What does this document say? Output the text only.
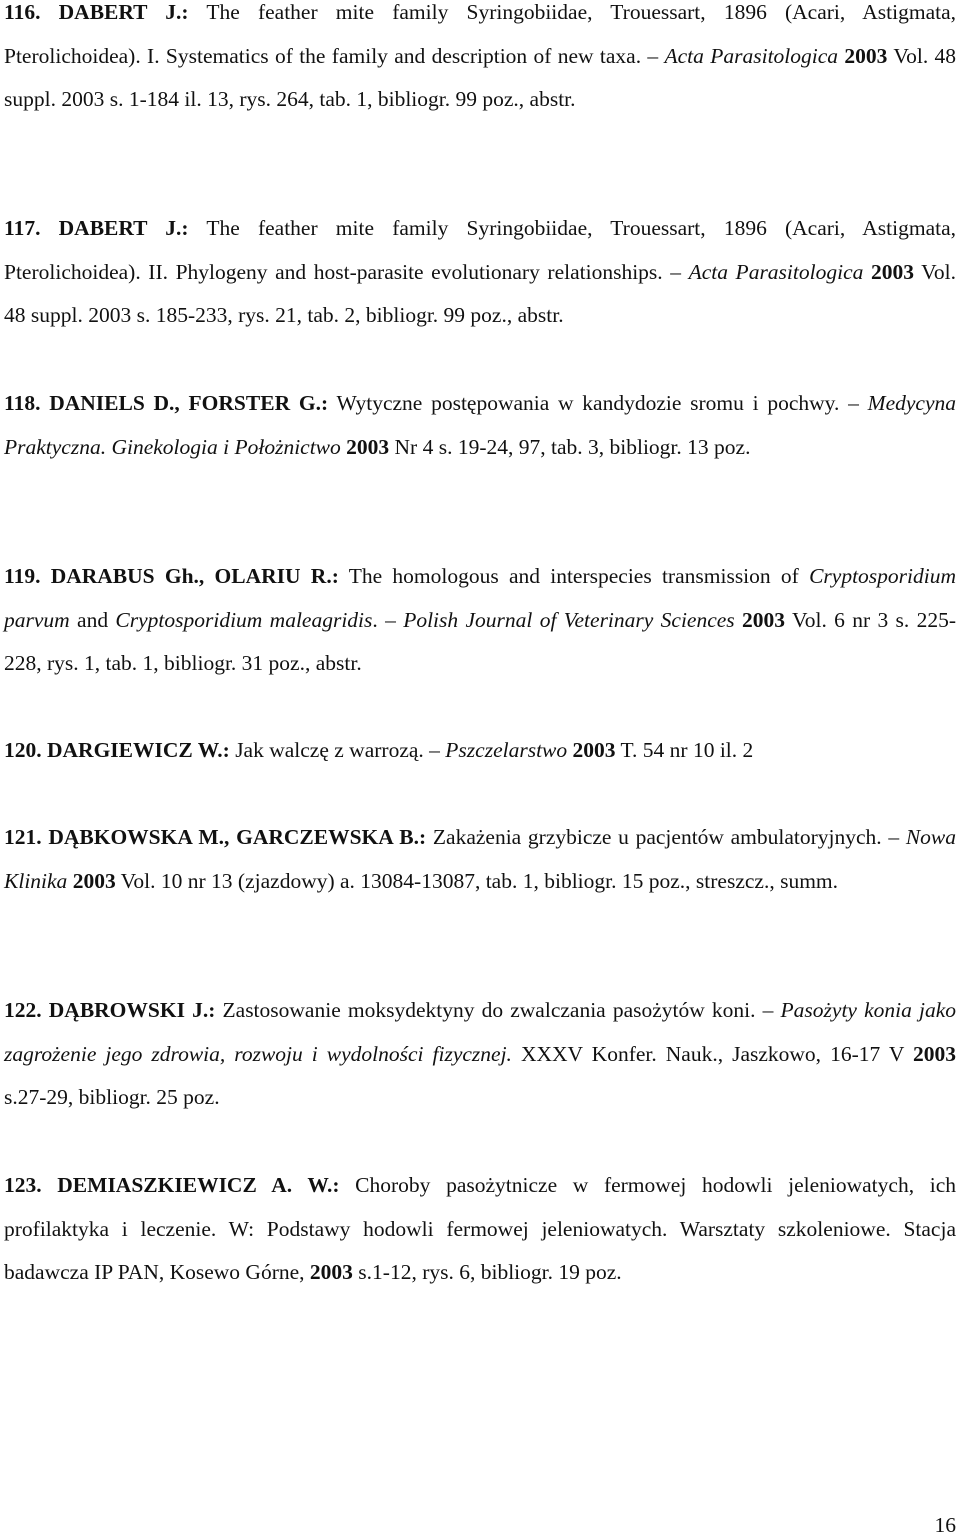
116. DABERT J.: The feather mite family Syringobiidae, Trouessart, 1896 (Acari, Astigmata, Pterolichoidea). I. Systematics of the family and description of new taxa. – Acta Parasitologica 2003 Vol. 48 suppl. 2003 s. 1-184 il. 13, rys. 264, tab. 1, bibliogr. 99 poz., abstr.

117. DABERT J.: The feather mite family Syringobiidae, Trouessart, 1896 (Acari, Astigmata, Pterolichoidea). II. Phylogeny and host-parasite evolutionary relationships. – Acta Parasitologica 2003 Vol. 48 suppl. 2003 s. 185-233, rys. 21, tab. 2, bibliogr. 99 poz., abstr.

118. DANIELS D., FORSTER G.: Wytyczne postępowania w kandydozie sromu i pochwy. – Medycyna Praktyczna. Ginekologia i Położnictwo 2003 Nr 4 s. 19-24, 97, tab. 3, bibliogr. 13 poz.

119. DARABUS Gh., OLARIU R.: The homologous and interspecies transmission of Cryptosporidium parvum and Cryptosporidium maleagridis. – Polish Journal of Veterinary Sciences 2003 Vol. 6 nr 3 s. 225-228, rys. 1, tab. 1, bibliogr. 31 poz., abstr.

120. DARGIEWICZ W.: Jak walczę z warrozą. – Pszczelarstwo 2003 T. 54 nr 10 il. 2

121. DĄBKOWSKA M., GARCZEWSKA B.: Zakażenia grzybicze u pacjentów ambulatoryjnych. – Nowa Klinika 2003 Vol. 10 nr 13 (zjazdowy) a. 13084-13087, tab. 1, bibliogr. 15 poz., streszcz., summ.

122. DĄBROWSKI J.: Zastosowanie moksydektyny do zwalczania pasożytów koni. – Pasożyty konia jako zagrożenie jego zdrowia, rozwoju i wydolności fizycznej. XXXV Konfer. Nauk., Jaszkowo, 16-17 V 2003 s.27-29, bibliogr. 25 poz.

123. DEMIASZKIEWICZ A. W.: Choroby pasożytnicze w fermowej hodowli jeleniowatych, ich profilaktyka i leczenie. W: Podstawy hodowli fermowej jeleniowatych. Warsztaty szkoleniowe. Stacja badawcza IP PAN, Kosewo Górne, 2003 s.1-12, rys. 6, bibliogr. 19 poz.

16
